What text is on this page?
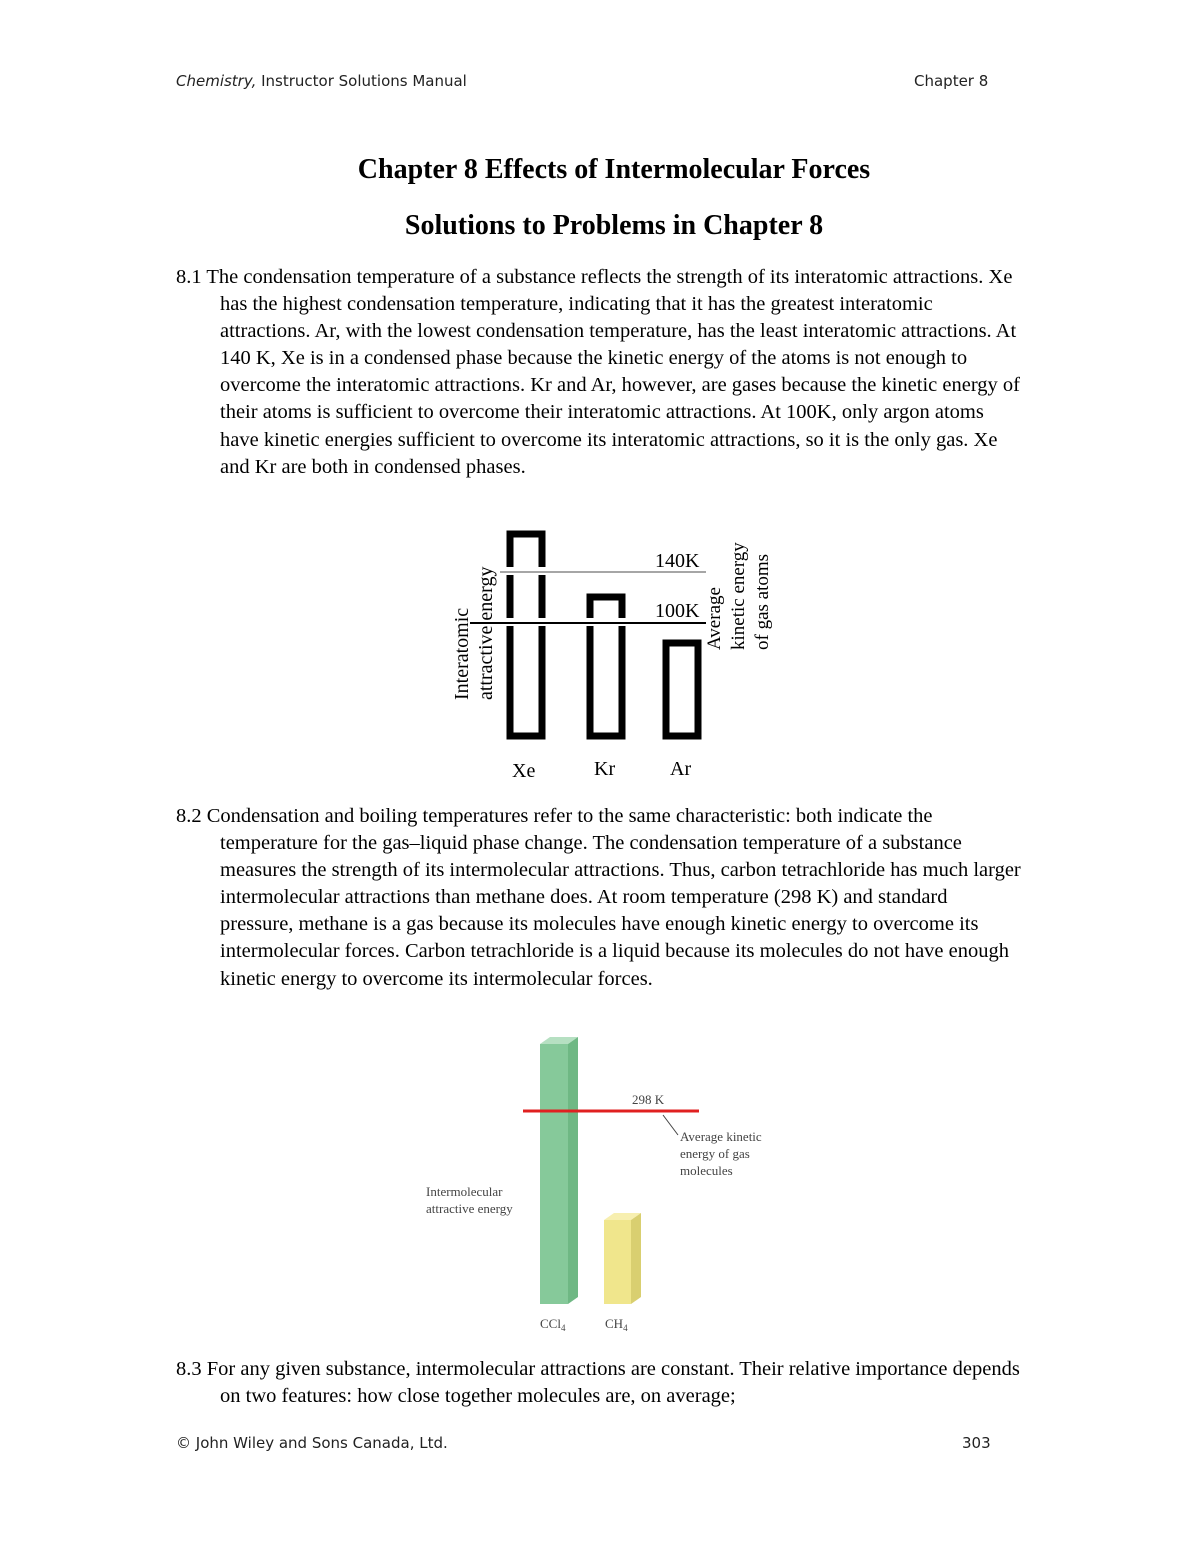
Chemistry, Instructor Solutions Manual	Chapter 8
Chapter 8 Effects of Intermolecular Forces
Solutions to Problems in Chapter 8
8.1 The condensation temperature of a substance reflects the strength of its interatomic attractions. Xe has the highest condensation temperature, indicating that it has the greatest interatomic attractions. Ar, with the lowest condensation temperature, has the least interatomic attractions. At 140 K, Xe is in a condensed phase because the kinetic energy of the atoms is not enough to overcome the interatomic attractions. Kr and Ar, however, are gases because the kinetic energy of their atoms is sufficient to overcome their interatomic attractions. At 100K, only argon atoms have kinetic energies sufficient to overcome its interatomic attractions, so it is the only gas. Xe and Kr are both in condensed phases.
140K
100K
Interatomic attractive energy	Average kinetic energy of gas atoms
Xe	Kr	Ar
8.2 Condensation and boiling temperatures refer to the same characteristic: both indicate the temperature for the gas–liquid phase change. The condensation temperature of a substance measures the strength of its intermolecular attractions. Thus, carbon tetrachloride has much larger intermolecular attractions than methane does. At room temperature (298 K) and standard pressure, methane is a gas because its molecules have enough kinetic energy to overcome its intermolecular forces. Carbon tetrachloride is a liquid because its molecules do not have enough kinetic energy to overcome its intermolecular forces.
298 K
Average kinetic
energy of gas
molecules
Intermolecular
attractive energy
CCl$_4$	$CH_4$
8.3 For any given substance, intermolecular attractions are constant. Their relative importance depends on two features: how close together molecules are, on average;
© John Wiley and Sons Canada, Ltd.	303
